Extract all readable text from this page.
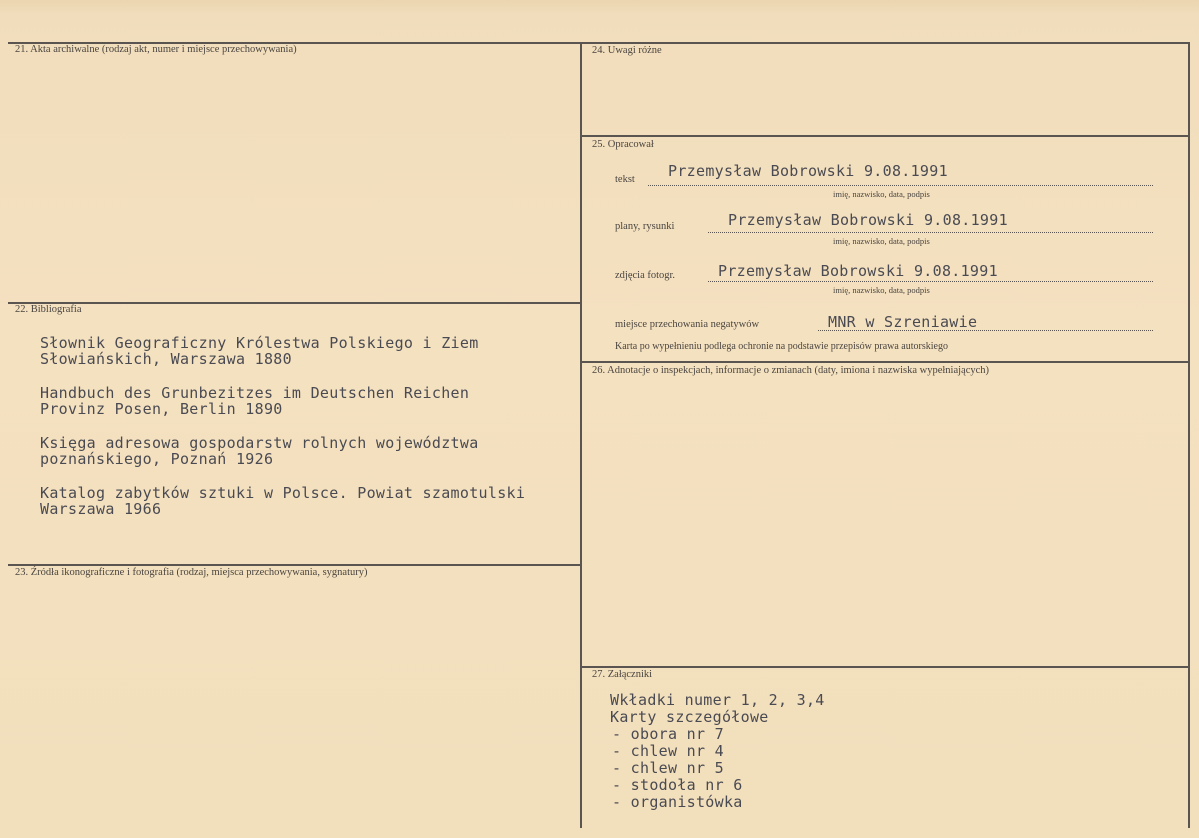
21. Akta archiwalne (rodzaj akt, numer i miejsce przechowywania)
22. Bibliografia
Słownik Geograficzny Królestwa Polskiego i Ziem
Słowiańskich, Warszawa 1880
Handbuch des Grunbezitzes im Deutschen Reichen
Provinz Posen, Berlin 1890
Księga adresowa gospodarstw rolnych województwa
poznańskiego, Poznań 1926
Katalog zabytków sztuki w Polsce. Powiat szamotulski
Warszawa 1966
23. Źródła ikonograficzne i fotografia (rodzaj, miejsca przechowywania, sygnatury)
24. Uwagi różne
25. Opracował
tekst Przemysław Bobrowski 9.08.1991
imię, nazwisko, data, podpis
plany, rysunki	Przemysław Bobrowski 9.08.1991
imię, nazwisko, data, podpis
zdjęcia fotogr.	Przemysław Bobrowski 9.08.1991
imię, nazwisko, data, podpis
miejsce przechowania negatywów	MNR w Szreniawie
Karta po wypełnieniu podlega ochronie na podstawie przepisów prawa autorskiego
26. Adnotacje o inspekcjach, informacje o zmianach (daty, imiona i nazwiska wypełniających)
27. Załączniki
Wkładki numer 1, 2, 3,4
Karty szczegółowe
- obora nr 7
- chlew nr 4
- chlew nr 5
- stodoła nr 6
- organistówka
